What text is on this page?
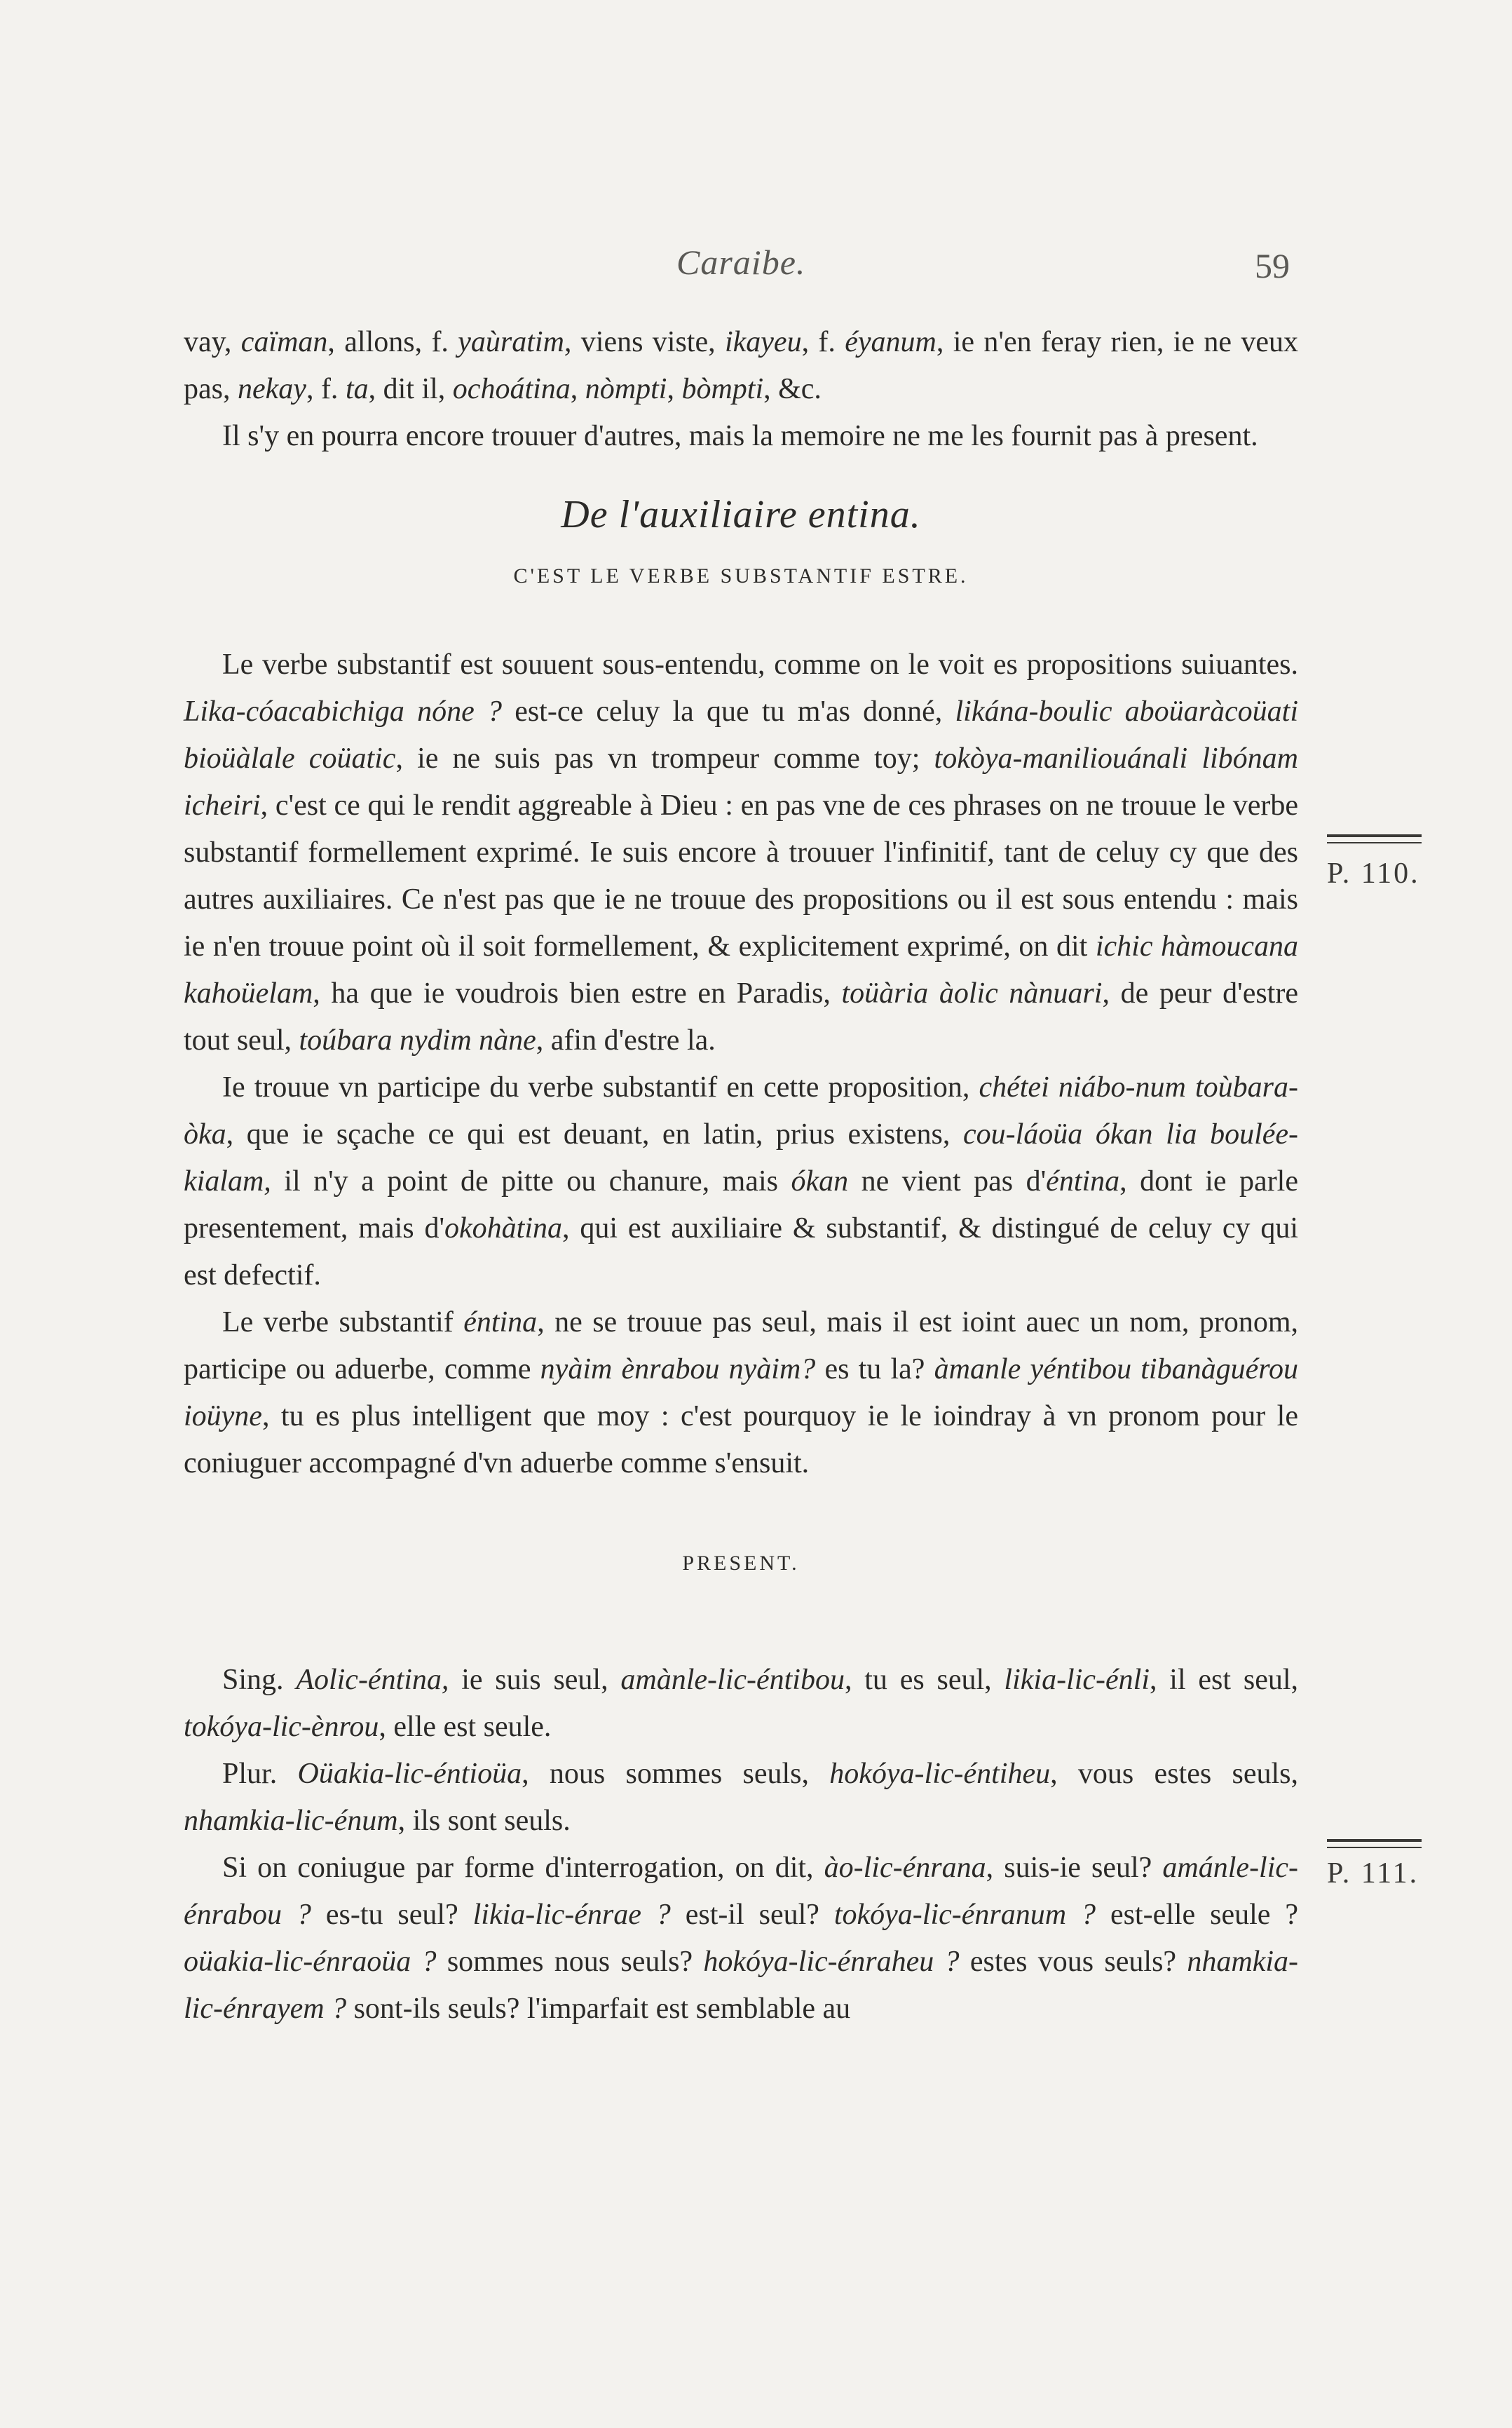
Caraibe.	59
P. 110.
P. 111.

vay, caïman, allons, f. yaùratim, viens viste, ikayeu, f. éyanum, ie n'en feray rien, ie ne veux pas, nekay, f. ta, dit il, ochoátina, nòmpti, bòmpti, &c.

Il s'y en pourra encore trouuer d'autres, mais la memoire ne me les fournit pas à present.

De l'auxiliaire entina.

C'EST LE VERBE SUBSTANTIF ESTRE.

Le verbe substantif est souuent sous-entendu, comme on le voit es propositions suiuantes. Lika-cóacabichiga nóne ? est-ce celuy la que tu m'as donné, likána-boulic aboüaràcoüati bioüàlale coüatic, ie ne suis pas vn trompeur comme toy; tokòya-maniliouánali libónam icheiri, c'est ce qui le rendit aggreable à Dieu : en pas vne de ces phrases on ne trouue le verbe substantif formellement exprimé. Ie suis encore à trouuer l'infinitif, tant de celuy cy que des autres auxiliaires. Ce n'est pas que ie ne trouue des propositions ou il est sous entendu : mais ie n'en trouue point où il soit formellement, & explicitement exprimé, on dit ichic hàmoucana kahoüelam, ha que ie voudrois bien estre en Paradis, toüària àolic nànuari, de peur d'estre tout seul, toúbara nydim nàne, afin d'estre la.

Ie trouue vn participe du verbe substantif en cette proposition, chétei niábo-num toùbara-òka, que ie sçache ce qui est deuant, en latin, prius existens, cou-láoüa ókan lia boulée-kialam, il n'y a point de pitte ou chanure, mais ókan ne vient pas d'éntina, dont ie parle presentement, mais d'okohàtina, qui est auxiliaire & substantif, & distingué de celuy cy qui est defectif.

Le verbe substantif éntina, ne se trouue pas seul, mais il est ioint auec un nom, pronom, participe ou aduerbe, comme nyàim ènrabou nyàim? es tu la? àmanle yéntibou tibanàguérou ioüyne, tu es plus intelligent que moy : c'est pourquoy ie le ioindray à vn pronom pour le coniuguer accompagné d'vn aduerbe comme s'ensuit.

PRESENT.

Sing. Aolic-éntina, ie suis seul, amànle-lic-éntibou, tu es seul, likia-lic-énli, il est seul, tokóya-lic-ènrou, elle est seule.

Plur. Oüakia-lic-éntioüa, nous sommes seuls, hokóya-lic-éntiheu, vous estes seuls, nhamkia-lic-énum, ils sont seuls.

Si on coniugue par forme d'interrogation, on dit, ào-lic-énrana, suis-ie seul? amánle-lic-énrabou ? es-tu seul? likia-lic-énrae ? est-il seul? tokóya-lic-énranum ? est-elle seule ? oüakia-lic-énraoüa ? sommes nous seuls? hokóya-lic-énraheu ? estes vous seuls? nhamkia-lic-énrayem ? sont-ils seuls? l'imparfait est semblable au
